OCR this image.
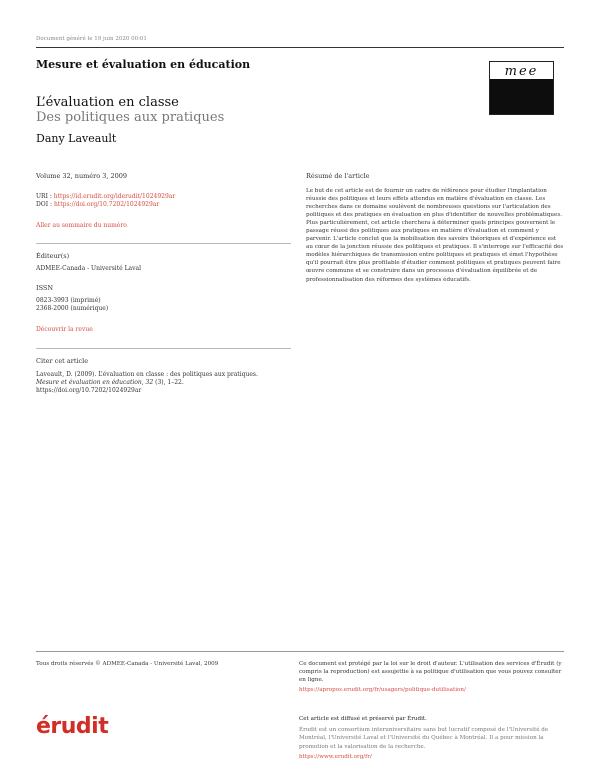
Document généré le 19 juin 2020 00:01
Mesure et évaluation en éducation	mee
L’évaluation en classe
Des politiques aux pratiques
Dany Laveault
Volume 32, numéro 3, 2009
URI : https://id.erudit.org/iderudit/1024929ar
DOI : https://doi.org/10.7202/1024929ar
Aller au sommaire du numéro
Éditeur(s)
ADMEE-Canada - Université Laval
ISSN
0823-3993 (imprimé)
2368-2000 (numérique)
Découvrir la revue
Citer cet article
Laveault, D. (2009). L’évaluation en classe : des politiques aux pratiques.
Mesure et évaluation en éducation, 32 (3), 1–22.
https://doi.org/10.7202/1024929ar
Résumé de l'article
Le but de cet article est de fournir un cadre de référence pour étudier l'implantation réussie des politiques et leurs effets attendus en matière d'évaluation en classe. Les recherches dans ce domaine soulèvent de nombreuses questions sur l'articulation des politiques et des pratiques en évaluation en plus d'identifier de nouvelles problématiques. Plus particulièrement, cet article cherchera à déterminer quels principes gouvernent le passage réussi des politiques aux pratiques en matière d'évaluation et comment y parvenir. L'article conclut que la mobilisation des savoirs théoriques et d'expérience est au cœur de la jonction réussie des politiques et pratiques. Il s'interroge sur l'efficacité des modèles hiérarchiques de transmission entre politiques et pratiques et émet l'hypothèse qu'il pourrait être plus profitable d'étudier comment politiques et pratiques peuvent faire œuvre commune et se construire dans un processus d'évaluation équilibrée et de professionnalisation des réformes des systèmes éducatifs.
Tous droits réservés © ADMEE-Canada - Université Laval, 2009	Ce document est protégé par la loi sur le droit d'auteur. L'utilisation des services d'Érudit (y compris la reproduction) est assujettie à sa politique d'utilisation que vous pouvez consulter en ligne.
https://apropos.erudit.org/fr/usagers/politique-dutilisation/
érudit	Cet article est diffusé et préservé par Érudit.
Érudit est un consortium interuniversitaire sans but lucratif composé de l'Université de Montréal, l'Université Laval et l'Université du Québec à Montréal. Il a pour mission la promotion et la valorisation de la recherche.
https://www.erudit.org/fr/
